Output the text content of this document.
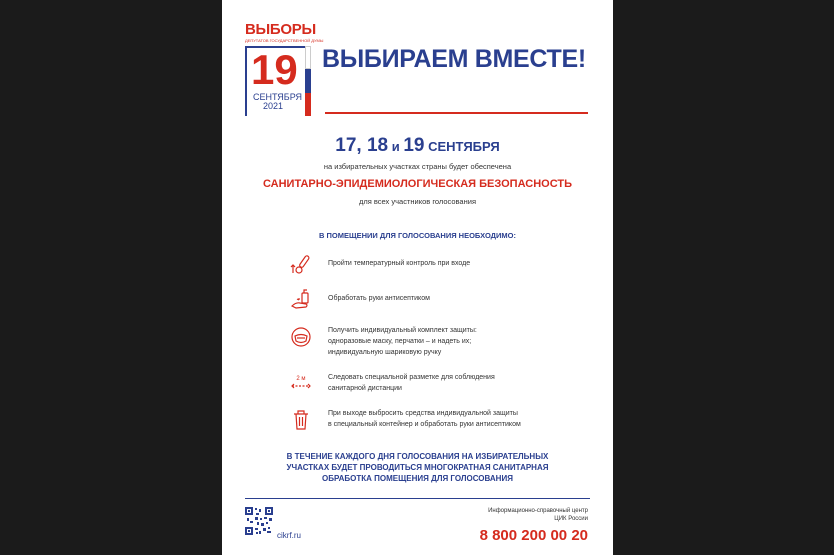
ВЫБОРЫ
ДЕПУТАТОВ ГОСУДАРСТВЕННОЙ ДУМЫ
19
СЕНТЯБРЯ
2021
ВЫБИРАЕМ ВМЕСТЕ!
17, 18 и 19 СЕНТЯБРЯ
на избирательных участках страны будет обеспечена
САНИТАРНО-ЭПИДЕМИОЛОГИЧЕСКАЯ БЕЗОПАСНОСТЬ
для всех участников голосования
В ПОМЕЩЕНИИ ДЛЯ ГОЛОСОВАНИЯ НЕОБХОДИМО:
Пройти температурный контроль при входе
Обработать руки антисептиком
Получить индивидуальный комплект защиты:
одноразовые маску, перчатки – и надеть их;
индивидуальную шариковую ручку
2 м	Следовать специальной разметке для соблюдения
санитарной дистанции
При выходе выбросить средства индивидуальной защиты
в специальный контейнер и обработать руки антисептиком
В ТЕЧЕНИЕ КАЖДОГО ДНЯ ГОЛОСОВАНИЯ НА ИЗБИРАТЕЛЬНЫХ
УЧАСТКАХ БУДЕТ ПРОВОДИТЬСЯ МНОГОКРАТНАЯ САНИТАРНАЯ
ОБРАБОТКА ПОМЕЩЕНИЯ ДЛЯ ГОЛОСОВАНИЯ
cikrf.ru
Информационно-справочный центр
ЦИК России
8 800 200 00 20
